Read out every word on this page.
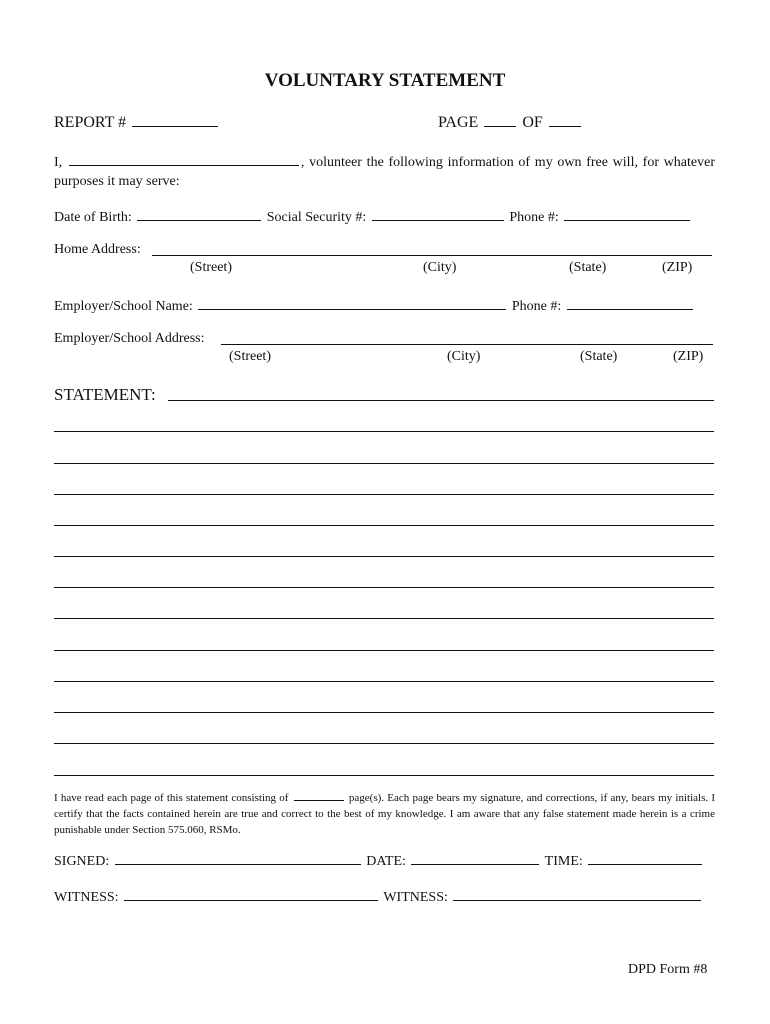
VOLUNTARY STATEMENT
REPORT #	PAGE	OF
I,	, volunteer the following information of my own free will, for whatever purposes it may serve:
Date of Birth:	Social Security #:	Phone #:
Home Address:
(Street)	(City)	(State)	(ZIP)
Employer/School Name:	Phone #:
Employer/School Address:
(Street)	(City)	(State)	(ZIP)
STATEMENT:
I have read each page of this statement consisting of	page(s). Each page bears my signature, and corrections, if any, bears my initials. I certify that the facts contained herein are true and correct to the best of my knowledge. I am aware that any false statement made herein is a crime punishable under Section 575.060, RSMo.
SIGNED:	DATE:	TIME:
WITNESS:	WITNESS:
DPD Form #8
